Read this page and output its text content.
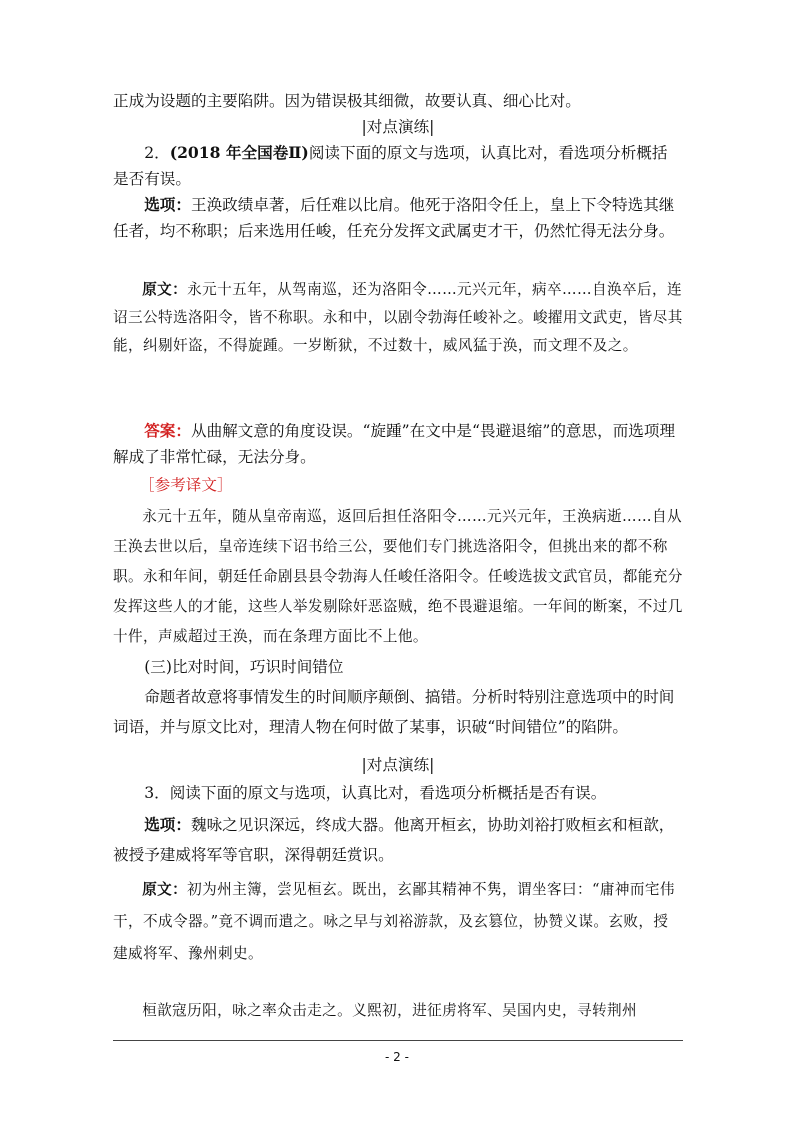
正成为设题的主要陷阱。因为错误极其细微，故要认真、细心比对。

|对点演练|

2．(2018 年全国卷Ⅱ)阅读下面的原文与选项，认真比对，看选项分析概括是否有误。

选项：王涣政绩卓著，后任难以比肩。他死于洛阳令任上，皇上下令特选其继任者，均不称职；后来选用任峻，任充分发挥文武属吏才干，仍然忙得无法分身。

原文：永元十五年，从驾南巡，还为洛阳令……元兴元年，病卒……自涣卒后，连诏三公特选洛阳令，皆不称职。永和中，以剧令勃海任峻补之。峻擢用文武吏，皆尽其能，纠剔奸盗，不得旋踵。一岁断狱，不过数十，威风猛于涣，而文理不及之。

答案：从曲解文意的角度设误。“旋踵”在文中是“畏避退缩”的意思，而选项理解成了非常忙碌，无法分身。

［参考译文］

永元十五年，随从皇帝南巡，返回后担任洛阳令……元兴元年，王涣病逝……自从王涣去世以后，皇帝连续下诏书给三公，要他们专门挑选洛阳令，但挑出来的都不称职。永和年间，朝廷任命剧县县令勃海人任峻任洛阳令。任峻选拔文武官员，都能充分发挥这些人的才能，这些人举发剔除奸恶盗贼，绝不畏避退缩。一年间的断案，不过几十件，声威超过王涣，而在条理方面比不上他。

(三)比对时间，巧识时间错位

命题者故意将事情发生的时间顺序颠倒、搞错。分析时特别注意选项中的时间词语，并与原文比对，理清人物在何时做了某事，识破“时间错位”的陷阱。

|对点演练|

3．阅读下面的原文与选项，认真比对，看选项分析概括是否有误。

选项：魏咏之见识深远，终成大器。他离开桓玄，协助刘裕打败桓玄和桓歆，被授予建威将军等官职，深得朝廷赏识。

原文：初为州主簿，尝见桓玄。既出，玄鄙其精神不隽，谓坐客曰：“庸神而宅伟干，不成令器。”竟不调而遣之。咏之早与刘裕游款，及玄篡位，协赞义谋。玄败，授建威将军、豫州刺史。

桓歆寇历阳，咏之率众击走之。义熙初，进征虏将军、吴国内史，寻转荆州

- 2 -
